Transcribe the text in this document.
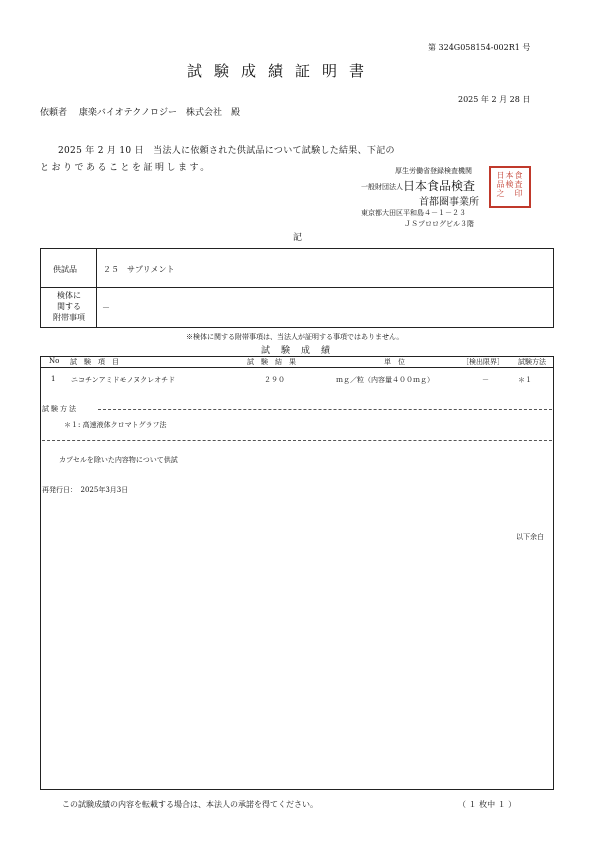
第 324G058154-002R1 号
試験成績証明書
2025 年 2 月 28 日
依頼者　 康楽バイオテクノロジー　株式会社　殿
2025 年 2 月 10 日　当法人に依頼された供試品について試験した結果、下記の
とおりであることを証明します。	厚生労働省登録検査機関
一般財団法人 日本食品検査
首都圏事業所
東京都大田区平和島４－１－２３
ＪＳプロログビル３階
日本食
品検査
之　印
記
供試品	２５　サプリメント
検体に
関する
附帯事項
－
※検体に関する附帯事項は、当法人が証明する事項ではありません。
試　験　成　績
No 試　験　項　目	試　験　結　果	単　位	［検出限界］ 試験方法
1 ニコチンアミドモノヌクレオチド	２９０	ｍｇ／粒（内容量４００ｍｇ）	－	＊１
試験方法
＊１: 高速液体クロマトグラフ法
カプセルを除いた内容物について供試
再発行日：　2025年3月3日
以下余白
この試験成績の内容を転載する場合は、本法人の承諾を得てください。	（ １ 枚中 １ ）
